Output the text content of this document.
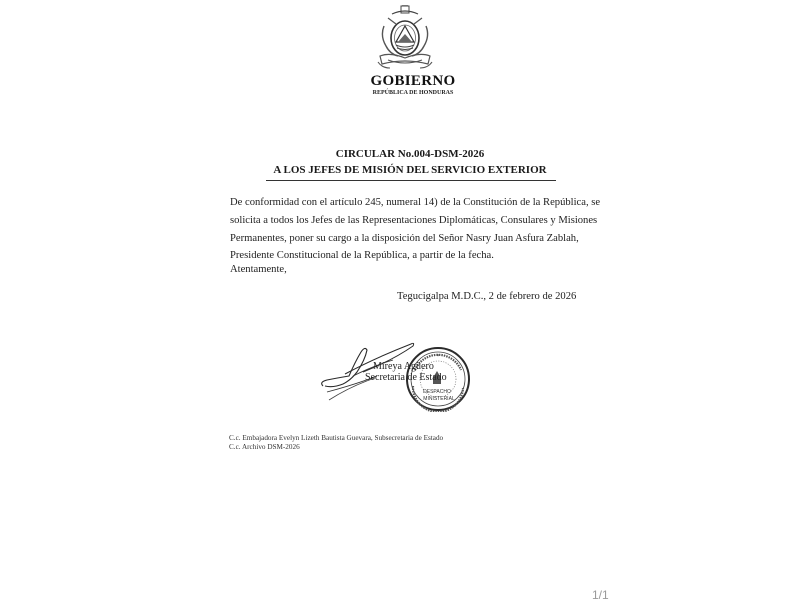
GOBIERNO
REPÚBLICA DE HONDURAS
CIRCULAR No.004-DSM-2026
A LOS JEFES DE MISIÓN DEL SERVICIO EXTERIOR
De conformidad con el artículo 245, numeral 14) de la Constitución de la República, se
solicita a todos los Jefes de las Representaciones Diplomáticas, Consulares y Misiones
Permanentes, poner su cargo a la disposición del Señor Nasry Juan Asfura Zablah,
Presidente Constitucional de la República, a partir de la fecha.
Atentamente,
Tegucigalpa M.D.C., 2 de febrero de 2026
*
DESPACHO
MINISTERIAL
Mireya Agüero
Secretaria de Estado
C.c. Embajadora Evelyn Lizeth Bautista Guevara, Subsecretaria de Estado
C.c. Archivo DSM-2026
1/1
